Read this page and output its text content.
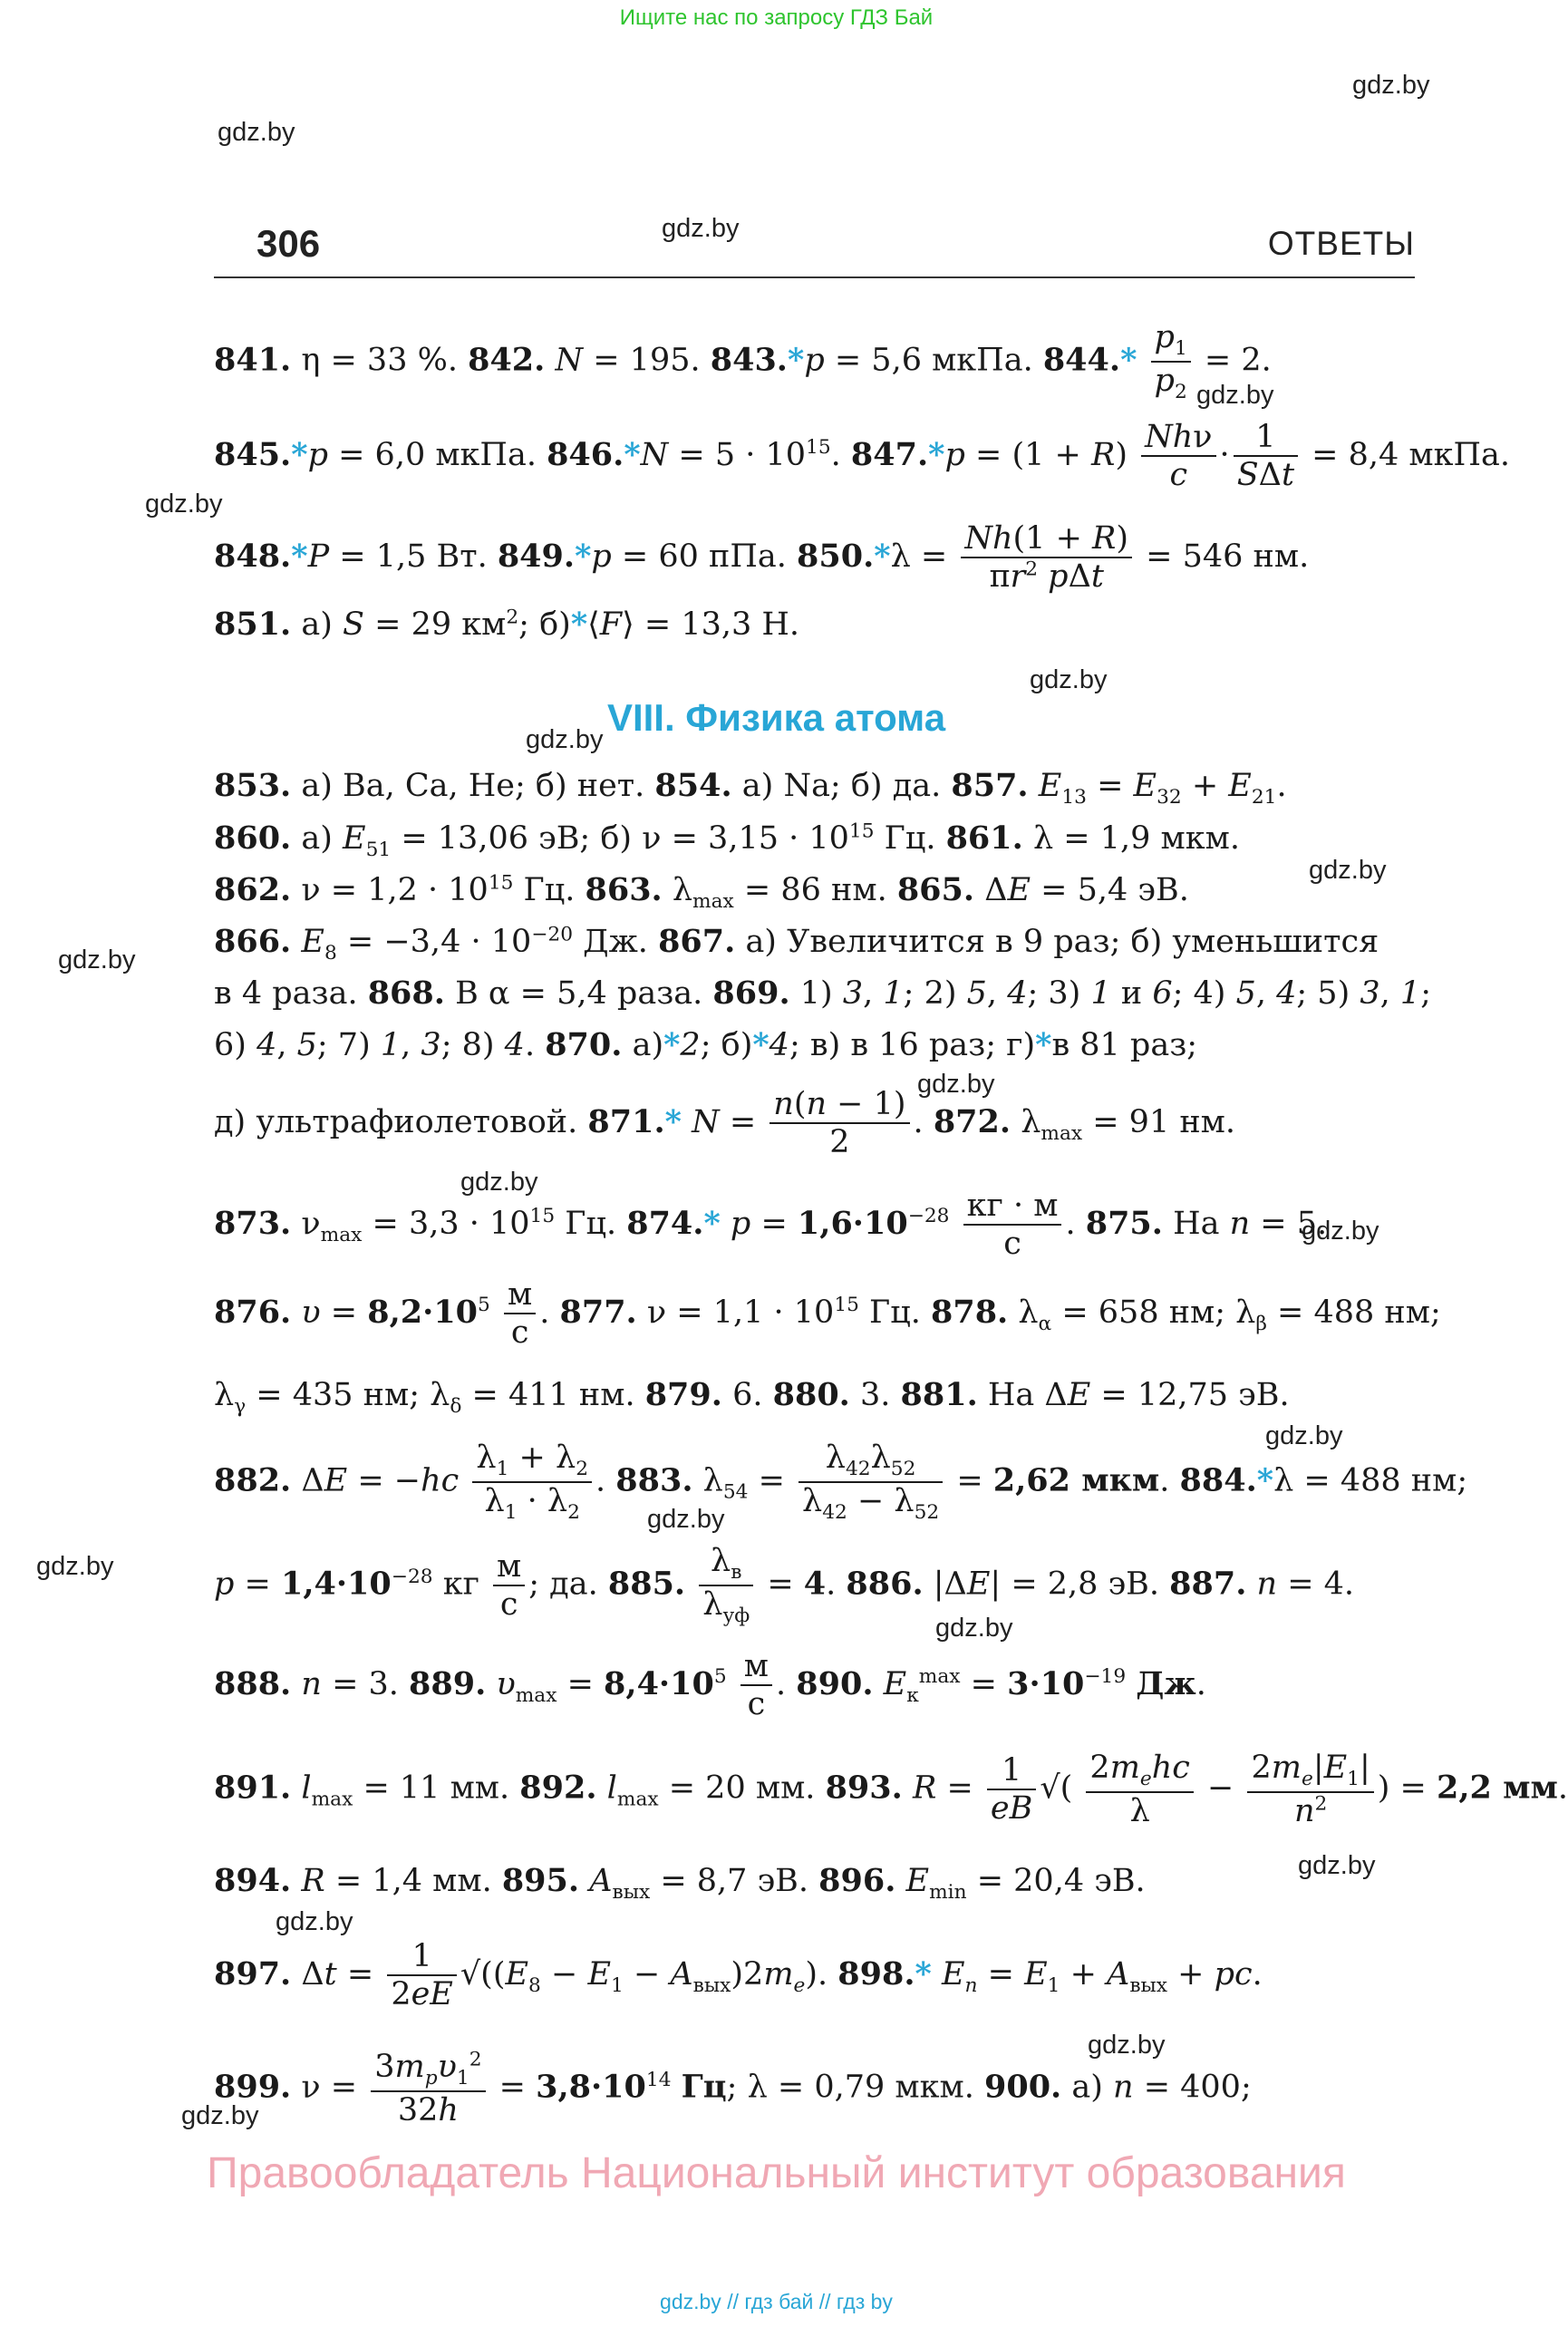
Ищите нас по запросу ГДЗ Бай
gdz.by
gdz.by
gdz.by
gdz.by
gdz.by
gdz.by
gdz.by
gdz.by
gdz.by
gdz.by
gdz.by
gdz.by
gdz.by
gdz.by
gdz.by
gdz.by
gdz.by
gdz.by
gdz.by
gdz.by
306	ОТВЕТЫ
841. η = 33 %. 842. N = 195. 843.*p = 5,6 мкПа. $844.* \frac{p_1}{p_2} = 2$.
845.*p = 6,0 мкПа. $846.*N = 5 \cdot 10^{15}$. $847.*p = (1 + R) \frac{\text{Nhν}}{c} \cdot \frac{1}{\text{SΔt}} = 8,4$ мкПа.
848.*P = 1,5 Вт. 849.*p = 60 пПа. $850.*\lambda = \frac{Nh(1 + R)}{\pi r^2 p\Delta t} = 546$ нм.
851. а) S = 29 $км^2$; б)*⟨F⟩ = 13,3 Н.
VIII. Физика атома
853. а) Ba, Ca, He; б) нет. 854. а) Na; б) да. 857. $E_{13} = E_{32} + E_{21}$.
860. а) $E_{51} = 13,06$ эВ; б) $\nu = 3,15 \cdot 10^{15}$ Гц. 861. λ = 1,9 мкм.
862. $\nu = 1,2 \cdot 10^{15}$ Гц. 863. $\lambda_{max} = 86$ нм. 865. ΔE = 5,4 эВ.
866. $E_8 = -3,4 \cdot 10^{-20}$ Дж. 867. а) Увеличится в 9 раз; б) уменьшится
в 4 раза. 868. В α = 5,4 раза. 869. 1) 3, 1; 2) 5, 4; 3) 1 и 6; 4) 5, 4; 5) 3, 1;
6) 4, 5; 7) 1, 3; 8) 4. 870. а)*2; б)*4; в) в 16 раз; г)*в 81 раз;
д) ультрафиолетовой. 871.* $N = \frac{n(n - 1)}{2}$ . 872. $\lambda_{max} = 91$ нм.
873. $\nu_{max} = 3,3 \cdot 10^{15}$ Гц. 874.* $p = 1,6\cdot 10^{-28} \frac{кг \cdot м}{с}$ . 875. На n = 5.
876. $\upsilon = 8,2\cdot 10^5 \frac{м}{с}$ . 877. $\nu = 1,1 \cdot 10^{15}$ Гц. 878. $\lambda_\alpha = 658$ нм; $\lambda_\beta = 488$ нм;
$\lambda_\gamma = 435$ нм; $\lambda_\delta = 411$ нм. 879. 6. 880. 3. 881. На ΔE = 12,75 эВ.
882. $\Delta E = -hc \frac{\lambda_1 + \lambda_2}{\lambda_1 \cdot \lambda_2}$ . 883. $\lambda_{54} = \frac{\lambda_{42}\lambda_{52}}{\lambda_{42} - \lambda_{52}} = 2,62$ мкм. 884.*λ = 488 нм;
$p = 1,4\cdot 10^{-28}$ кг $\frac{м}{с}$ ; да. 885. $\frac{\lambda_в}{\lambda_{уф}} = 4$. 886. |ΔE| = 2,8 эВ. 887. n = 4.
888. n = 3. 889. $\upsilon_{max} = 8,4\cdot 10^5 \frac{м}{с}$ . 890. $E_к^{max} = 3\cdot 10^{-19}$ Дж.
891. $l_{max} = 11$ мм. 892. $l_{max} = 20$ мм. 893. $R = \frac{1}{eB}$ √( $\frac{2m_ehc}{\lambda} - \frac{2m_e|E_1|}{n^2}$ ) = 2,2 мм.
894. R = 1,4 мм. 895. $A_{вых} = 8,7$ эВ. 896. $E_{min} = 20,4$ эВ.
897. $\Delta t = \frac{1}{2eE} √((E_8 - E_1 - A_{вых})2m_e)$. 898.* $E_n = E_1 + A_{вых}$ + pc.
899. $\nu = \frac{3m_p\upsilon_1^2}{32h} = 3,8\cdot 10^{14}$ Гц; λ = 0,79 мкм. 900. а) n = 400;
Правообладатель Национальный институт образования
gdz.by // гдз бай // гдз by
